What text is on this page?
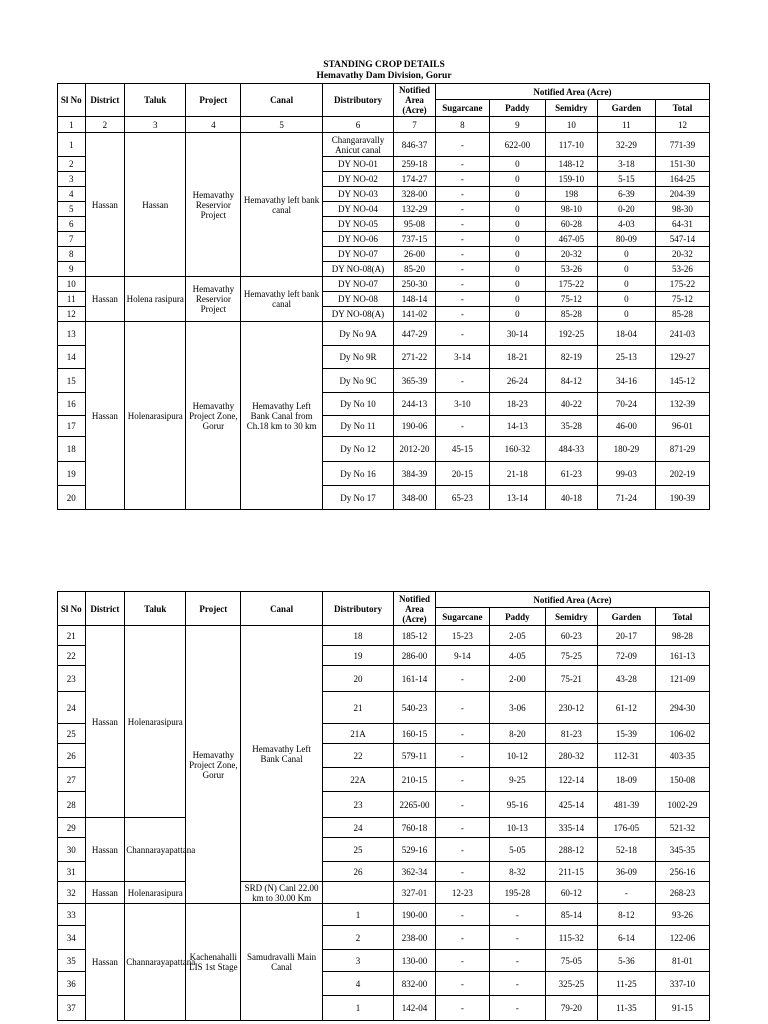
STANDING CROP DETAILS
Hemavathy Dam Division, Gorur
Sl No	District	Taluk	Project	Canal	Distributory	Notified Area (Acre)	Notified Area (Acre)				
							Sugarcane	Paddy	Semidry	Garden	Total
1	2	3	4	5	6	7	8	9	10	11	12
1	Hassan	Hassan	Hemavathy Reservior Project	Hemavathy left bank canal	Changaravally Anicut canal	846-37	-	622-00	117-10	32-29	771-39
2					DY NO-01	259-18	-	0	148-12	3-18	151-30
3					DY NO-02	174-27	-	0	159-10	5-15	164-25
4					DY NO-03	328-00	-	0	198	6-39	204-39
5					DY NO-04	132-29	-	0	98-10	0-20	98-30
6					DY NO-05	95-08	-	0	60-28	4-03	64-31
7					DY NO-06	737-15	-	0	467-05	80-09	547-14
8					DY NO-07	26-00	-	0	20-32	0	20-32
9					DY NO-08(A)	85-20	-	0	53-26	0	53-26
10	Hassan	Holena rasipura	Hemavathy Reservior Project	Hemavathy left bank canal	DY NO-07	250-30	-	0	175-22	0	175-22
11					DY NO-08	148-14	-	0	75-12	0	75-12
12					DY NO-08(A)	141-02	-	0	85-28	0	85-28
13	Hassan	Holenarasipura	Hemavathy Project Zone, Gorur	Hemavathy Left Bank Canal from Ch.18 km to 30 km	Dy No 9A	447-29	-	30-14	192-25	18-04	241-03
14					Dy No 9R	271-22	3-14	18-21	82-19	25-13	129-27
15					Dy No 9C	365-39	-	26-24	84-12	34-16	145-12
16					Dy No 10	244-13	3-10	18-23	40-22	70-24	132-39
17					Dy No 11	190-06	-	14-13	35-28	46-00	96-01
18					Dy No 12	2012-20	45-15	160-32	484-33	180-29	871-29
19					Dy No 16	384-39	20-15	21-18	61-23	99-03	202-19
20					Dy No 17	348-00	65-23	13-14	40-18	71-24	190-39
Sl No	District	Taluk	Project	Canal	Distributory	Notified Area (Acre)	Notified Area (Acre)				
							Sugarcane	Paddy	Semidry	Garden	Total
21	Hassan	Holenarasipura	Hemavathy Project Zone, Gorur	Hemavathy Left Bank Canal	18	185-12	15-23	2-05	60-23	20-17	98-28
22					19	286-00	9-14	4-05	75-25	72-09	161-13
23					20	161-14	-	2-00	75-21	43-28	121-09
24					21	540-23	-	3-06	230-12	61-12	294-30
25					21A	160-15	-	8-20	81-23	15-39	106-02
26					22	579-11	-	10-12	280-32	112-31	403-35
27					22A	210-15	-	9-25	122-14	18-09	150-08
28					23	2265-00	-	95-16	425-14	481-39	1002-29
29	Hassan	Channarayapattana			24	760-18	-	10-13	335-14	176-05	521-32
30					25	529-16	-	5-05	288-12	52-18	345-35
31					26	362-34	-	8-32	211-15	36-09	256-16
32	Hassan	Holenarasipura		SRD (N) Canl 22.00 km to 30.00 Km		327-01	12-23	195-28	60-12	-	268-23
33	Hassan	Channarayapattana	Kachenahalli LIS 1st Stage	Samudravalli Main Canal	1	190-00	-	-	85-14	8-12	93-26
34					2	238-00	-	-	115-32	6-14	122-06
35					3	130-00	-	-	75-05	5-36	81-01
36					4	832-00	-	-	325-25	11-25	337-10
37					1	142-04	-	-	79-20	11-35	91-15
